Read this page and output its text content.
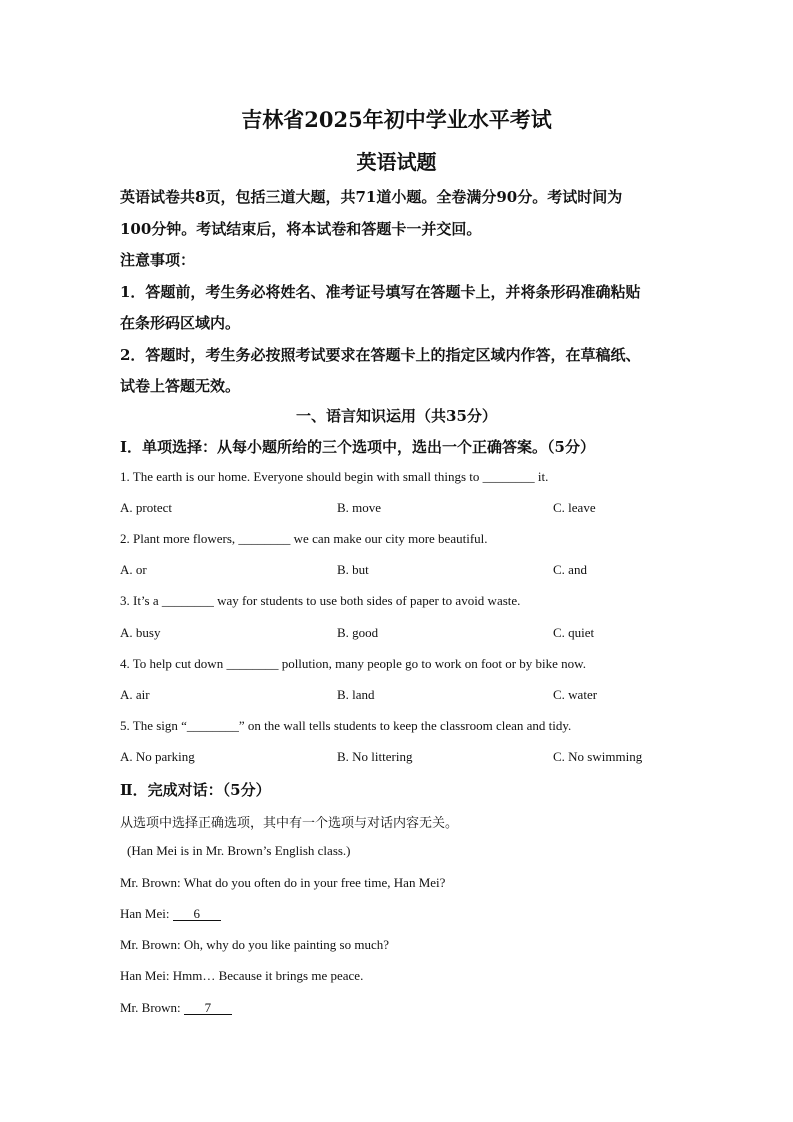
吉林省2025年初中学业水平考试
英语试题
英语试卷共8页，包括三道大题，共71道小题。全卷满分90分。考试时间为
100分钟。考试结束后，将本试卷和答题卡一并交回。
注意事项：
1．答题前，考生务必将姓名、准考证号填写在答题卡上，并将条形码准确粘贴
在条形码区域内。
2．答题时，考生务必按照考试要求在答题卡上的指定区域内作答，在草稿纸、
试卷上答题无效。
一、语言知识运用（共35分）
Ⅰ．单项选择：从每小题所给的三个选项中，选出一个正确答案。（5分）
1. The earth is our home. Everyone should begin with small things to ________ it.
A. protect	B. move	C. leave
2. Plant more flowers, ________ we can make our city more beautiful.
A. or	B. but	C. and
3. It’s a ________ way for students to use both sides of paper to avoid waste.
A. busy	B. good	C. quiet
4. To help cut down ________ pollution, many people go to work on foot or by bike now.
A. air	B. land	C. water
5. The sign “________” on the wall tells students to keep the classroom clean and tidy.
A. No parking	B. No littering	C. No swimming
Ⅱ．完成对话：（5分）
从选项中选择正确选项，其中有一个选项与对话内容无关。
(Han Mei is in Mr. Brown’s English class.)
Mr. Brown: What do you often do in your free time, Han Mei?
Han Mei: 6
Mr. Brown: Oh, why do you like painting so much?
Han Mei: Hmm… Because it brings me peace.
Mr. Brown: 7
